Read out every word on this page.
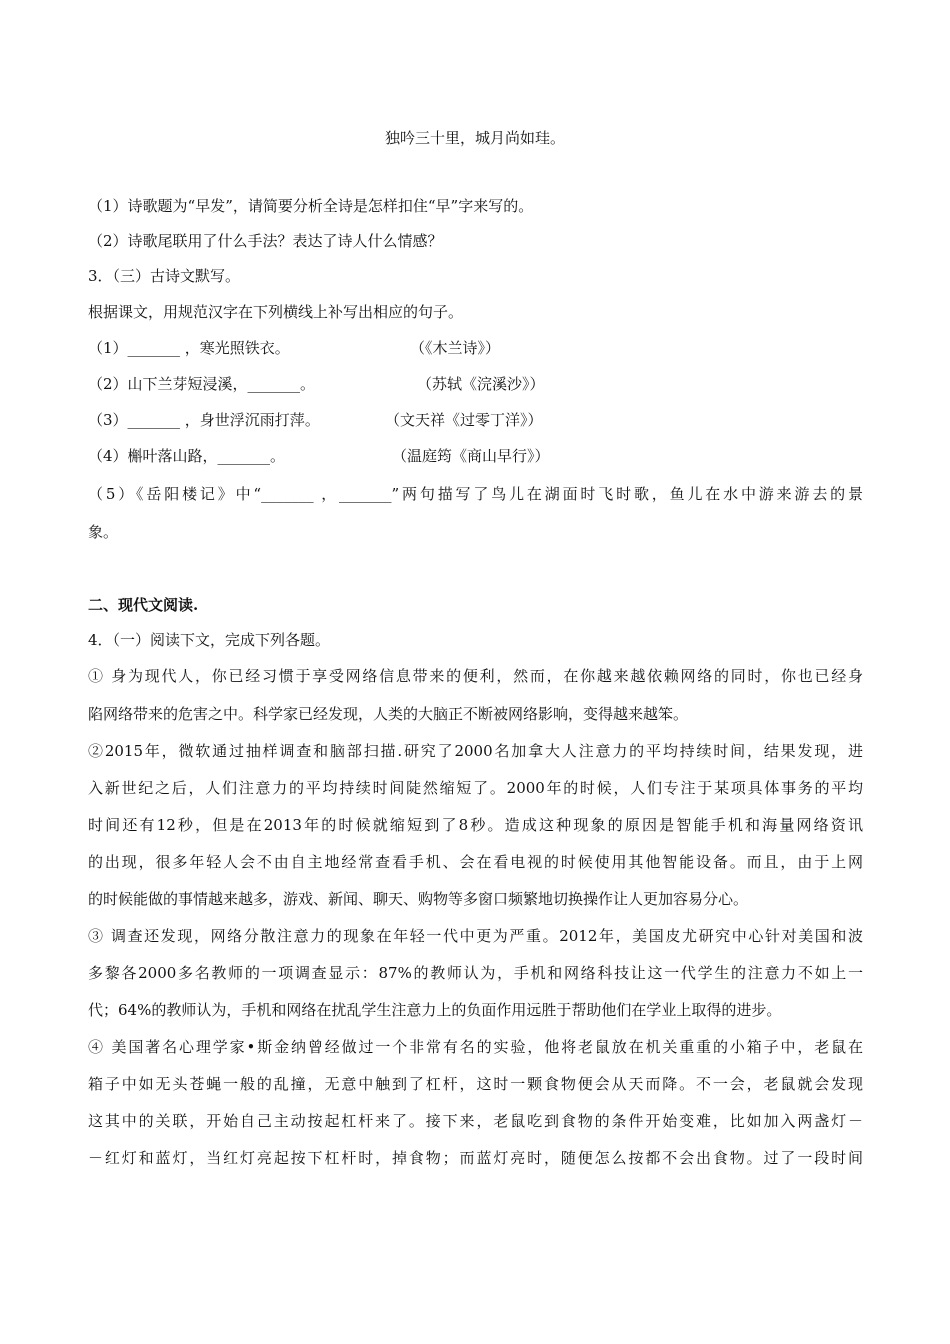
独吟三十里，城月尚如珪。
（1）诗歌题为“早发”，请简要分析全诗是怎样扣住“早”字来写的。
（2）诗歌尾联用了什么手法？表达了诗人什么情感？
3．（三）古诗文默写。
根据课文，用规范汉字在下列横线上补写出相应的句子。
（1）_______ ，寒光照铁衣。	（《木兰诗》）
（2）山下兰芽短浸溪，_______。	（苏轼《浣溪沙》）
（3）_______ ，身世浮沉雨打萍。	（文天祥《过零丁洋》）
（4）槲叶落山路，_______。	（温庭筠《商山早行》）
（5）《岳阳楼记》中“_______ ，_______”两句描写了鸟儿在湖面时飞时歌，鱼儿在水中游来游去的景
象。
二、现代文阅读.
4．（一）阅读下文，完成下列各题。
① 身为现代人，你已经习惯于享受网络信息带来的便利，然而，在你越来越依赖网络的同时，你也已经身
陷网络带来的危害之中。科学家已经发现，人类的大脑正不断被网络影响，变得越来越笨。
②2015年，微软通过抽样调查和脑部扫描.研究了2000名加拿大人注意力的平均持续时间，结果发现，进
入新世纪之后，人们注意力的平均持续时间陡然缩短了。2000年的时候，人们专注于某项具体事务的平均
时间还有12秒，但是在2013年的时候就缩短到了8秒。造成这种现象的原因是智能手机和海量网络资讯
的出现，很多年轻人会不由自主地经常查看手机、会在看电视的时候使用其他智能设备。而且，由于上网
的时候能做的事情越来越多，游戏、新闻、聊天、购物等多窗口频繁地切换操作让人更加容易分心。
③ 调查还发现，网络分散注意力的现象在年轻一代中更为严重。2012年，美国皮尤研究中心针对美国和波
多黎各2000多名教师的一项调查显示：87%的教师认为，手机和网络科技让这一代学生的注意力不如上一
代；64%的教师认为，手机和网络在扰乱学生注意力上的负面作用远胜于帮助他们在学业上取得的进步。
④ 美国著名心理学家•斯金纳曾经做过一个非常有名的实验，他将老鼠放在机关重重的小箱子中，老鼠在
箱子中如无头苍蝇一般的乱撞，无意中触到了杠杆，这时一颗食物便会从天而降。不一会，老鼠就会发现
这其中的关联，开始自己主动按起杠杆来了。接下来，老鼠吃到食物的条件开始变难，比如加入两盏灯－
－红灯和蓝灯，当红灯亮起按下杠杆时，掉食物；而蓝灯亮时，随便怎么按都不会出食物。过了一段时间
